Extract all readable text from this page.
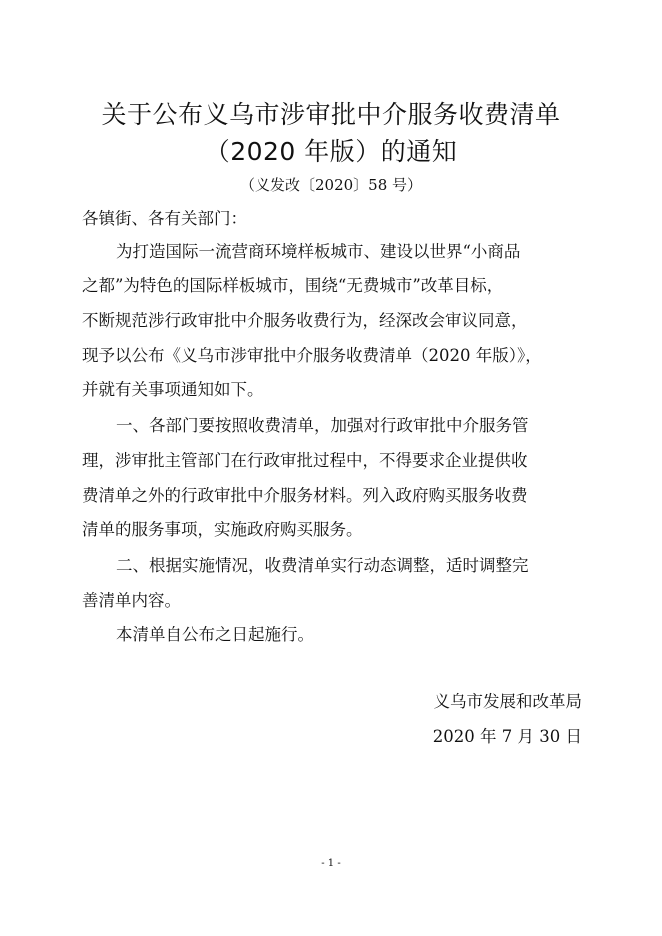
关于公布义乌市涉审批中介服务收费清单
（2020 年版）的通知
（义发改〔2020〕58 号）
各镇街、各有关部门：
为打造国际一流营商环境样板城市、建设以世界“小商品
之都”为特色的国际样板城市，围绕“无费城市”改革目标，
不断规范涉行政审批中介服务收费行为，经深改会审议同意，
现予以公布《义乌市涉审批中介服务收费清单（2020 年版）》，
并就有关事项通知如下。
一、各部门要按照收费清单，加强对行政审批中介服务管
理，涉审批主管部门在行政审批过程中，不得要求企业提供收
费清单之外的行政审批中介服务材料。列入政府购买服务收费
清单的服务事项，实施政府购买服务。
二、根据实施情况，收费清单实行动态调整，适时调整完
善清单内容。
本清单自公布之日起施行。
义乌市发展和改革局
2020 年 7 月 30 日
- 1 -
